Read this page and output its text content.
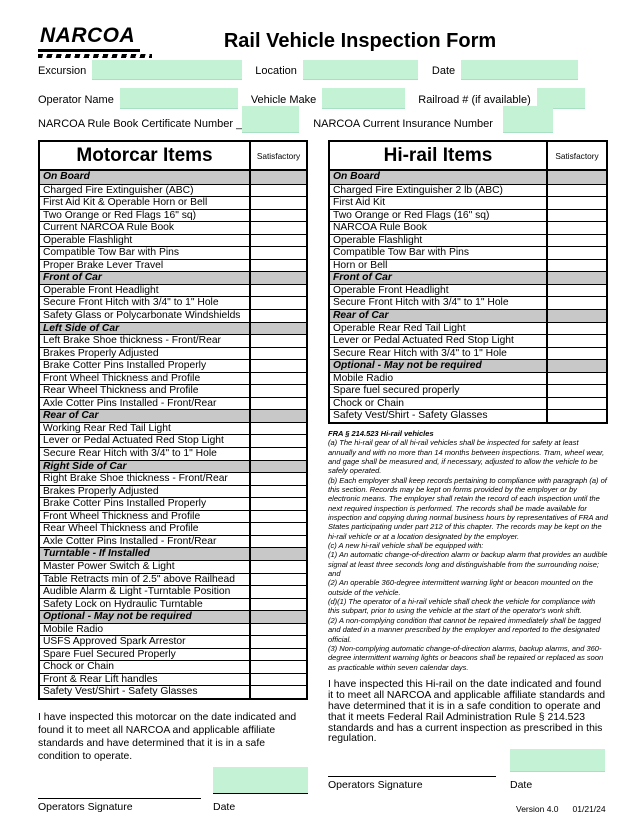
NARCOA	Rail Vehicle Inspection Form
Excursion	Location	Date
Operator Name	Vehicle Make	Railroad # (if available)
NARCOA Rule Book Certificate Number _	NARCOA Current Insurance Number
Motorcar Items	Satisfactory
On Board
Charged Fire Extinguisher (ABC)
First Aid Kit & Operable Horn or Bell
Two Orange or Red Flags 16" sq)
Current NARCOA Rule Book
Operable Flashlight
Compatible Tow Bar with Pins
Proper Brake Lever Travel
Front of Car
Operable Front Headlight
Secure Front Hitch with 3/4" to 1" Hole
Safety Glass or Polycarbonate Windshields
Left Side of Car
Left Brake Shoe thickness - Front/Rear
Brakes Properly Adjusted
Brake Cotter Pins Installed Properly
Front Wheel Thickness and Profile
Rear Wheel Thickness and Profile
Axle Cotter Pins Installed - Front/Rear
Rear of Car
Working Rear Red Tail Light
Lever or Pedal Actuated Red Stop Light
Secure Rear Hitch with 3/4" to 1" Hole
Right Side of Car
Right Brake Shoe thickness - Front/Rear
Brakes Properly Adjusted
Brake Cotter Pins Installed Properly
Front Wheel Thickness and Profile
Rear Wheel Thickness and Profile
Axle Cotter Pins Installed - Front/Rear
Turntable - If Installed
Master Power Switch & Light
Table Retracts min of 2.5" above Railhead
Audible Alarm & Light -Turntable Position
Safety Lock on Hydraulic Turntable
Optional - May not be required
Mobile Radio
USFS Approved Spark Arrestor
Spare Fuel Secured Properly
Chock or Chain
Front & Rear Lift handles
Safety Vest/Shirt - Safety Glasses
I have inspected this motorcar on the date indicated and found it to meet all NARCOA and applicable affiliate standards and have determined that it is in a safe condition to operate.
Operators Signature	Date
Hi-rail Items	Satisfactory
On Board
Charged Fire Extinguisher 2 lb (ABC)
First Aid Kit
Two Orange or Red Flags (16" sq)
NARCOA Rule Book
Operable Flashlight
Compatible Tow Bar with Pins
Horn or Bell
Front of Car
Operable Front Headlight
Secure Front Hitch with 3/4" to 1" Hole
Rear of Car
Operable Rear Red Tail Light
Lever or Pedal Actuated Red Stop Light
Secure Rear Hitch with 3/4" to 1" Hole
Optional - May not be required
Mobile Radio
Spare fuel secured properly
Chock or Chain
Safety Vest/Shirt - Safety Glasses

FRA § 214.523 Hi-rail vehicles

(a) The hi-rail gear of all hi-rail vehicles shall be inspected for safety at least annually and with no more than 14 months between inspections. Tram, wheel wear, and gage shall be measured and, if necessary, adjusted to allow the vehicle to be safely operated.

(b) Each employer shall keep records pertaining to compliance with paragraph (a) of this section. Records may be kept on forms provided by the employer or by electronic means. The employer shall retain the record of each inspection until the next required inspection is performed. The records shall be made available for inspection and copying during normal business hours by representatives of FRA and States participating under part 212 of this chapter. The records may be kept on the hi-rail vehicle or at a location designated by the employer.

(c) A new hi-rail vehicle shall be equipped with:

(1) An automatic change-of-direction alarm or backup alarm that provides an audible signal at least three seconds long and distinguishable from the surrounding noise; and

(2) An operable 360-degree intermittent warning light or beacon mounted on the outside of the vehicle.

(d)(1) The operator of a hi-rail vehicle shall check the vehicle for compliance with this subpart, prior to using the vehicle at the start of the operator's work shift.

(2) A non-complying condition that cannot be repaired immediately shall be tagged and dated in a manner prescribed by the employer and reported to the designated official.

(3) Non-complying automatic change-of-direction alarms, backup alarms, and 360-degree intermittent warning lights or beacons shall be repaired or replaced as soon as practicable within seven calendar days.

I have inspected this Hi-rail on the date indicated and found it to meet all NARCOA and applicable affiliate standards and have determined that it is in a safe condition to operate and that it meets Federal Rail Administration Rule § 214.523 standards and has a current inspection as prescribed in this regulation.
Operators Signature	Date
Version 4.0 01/21/24
